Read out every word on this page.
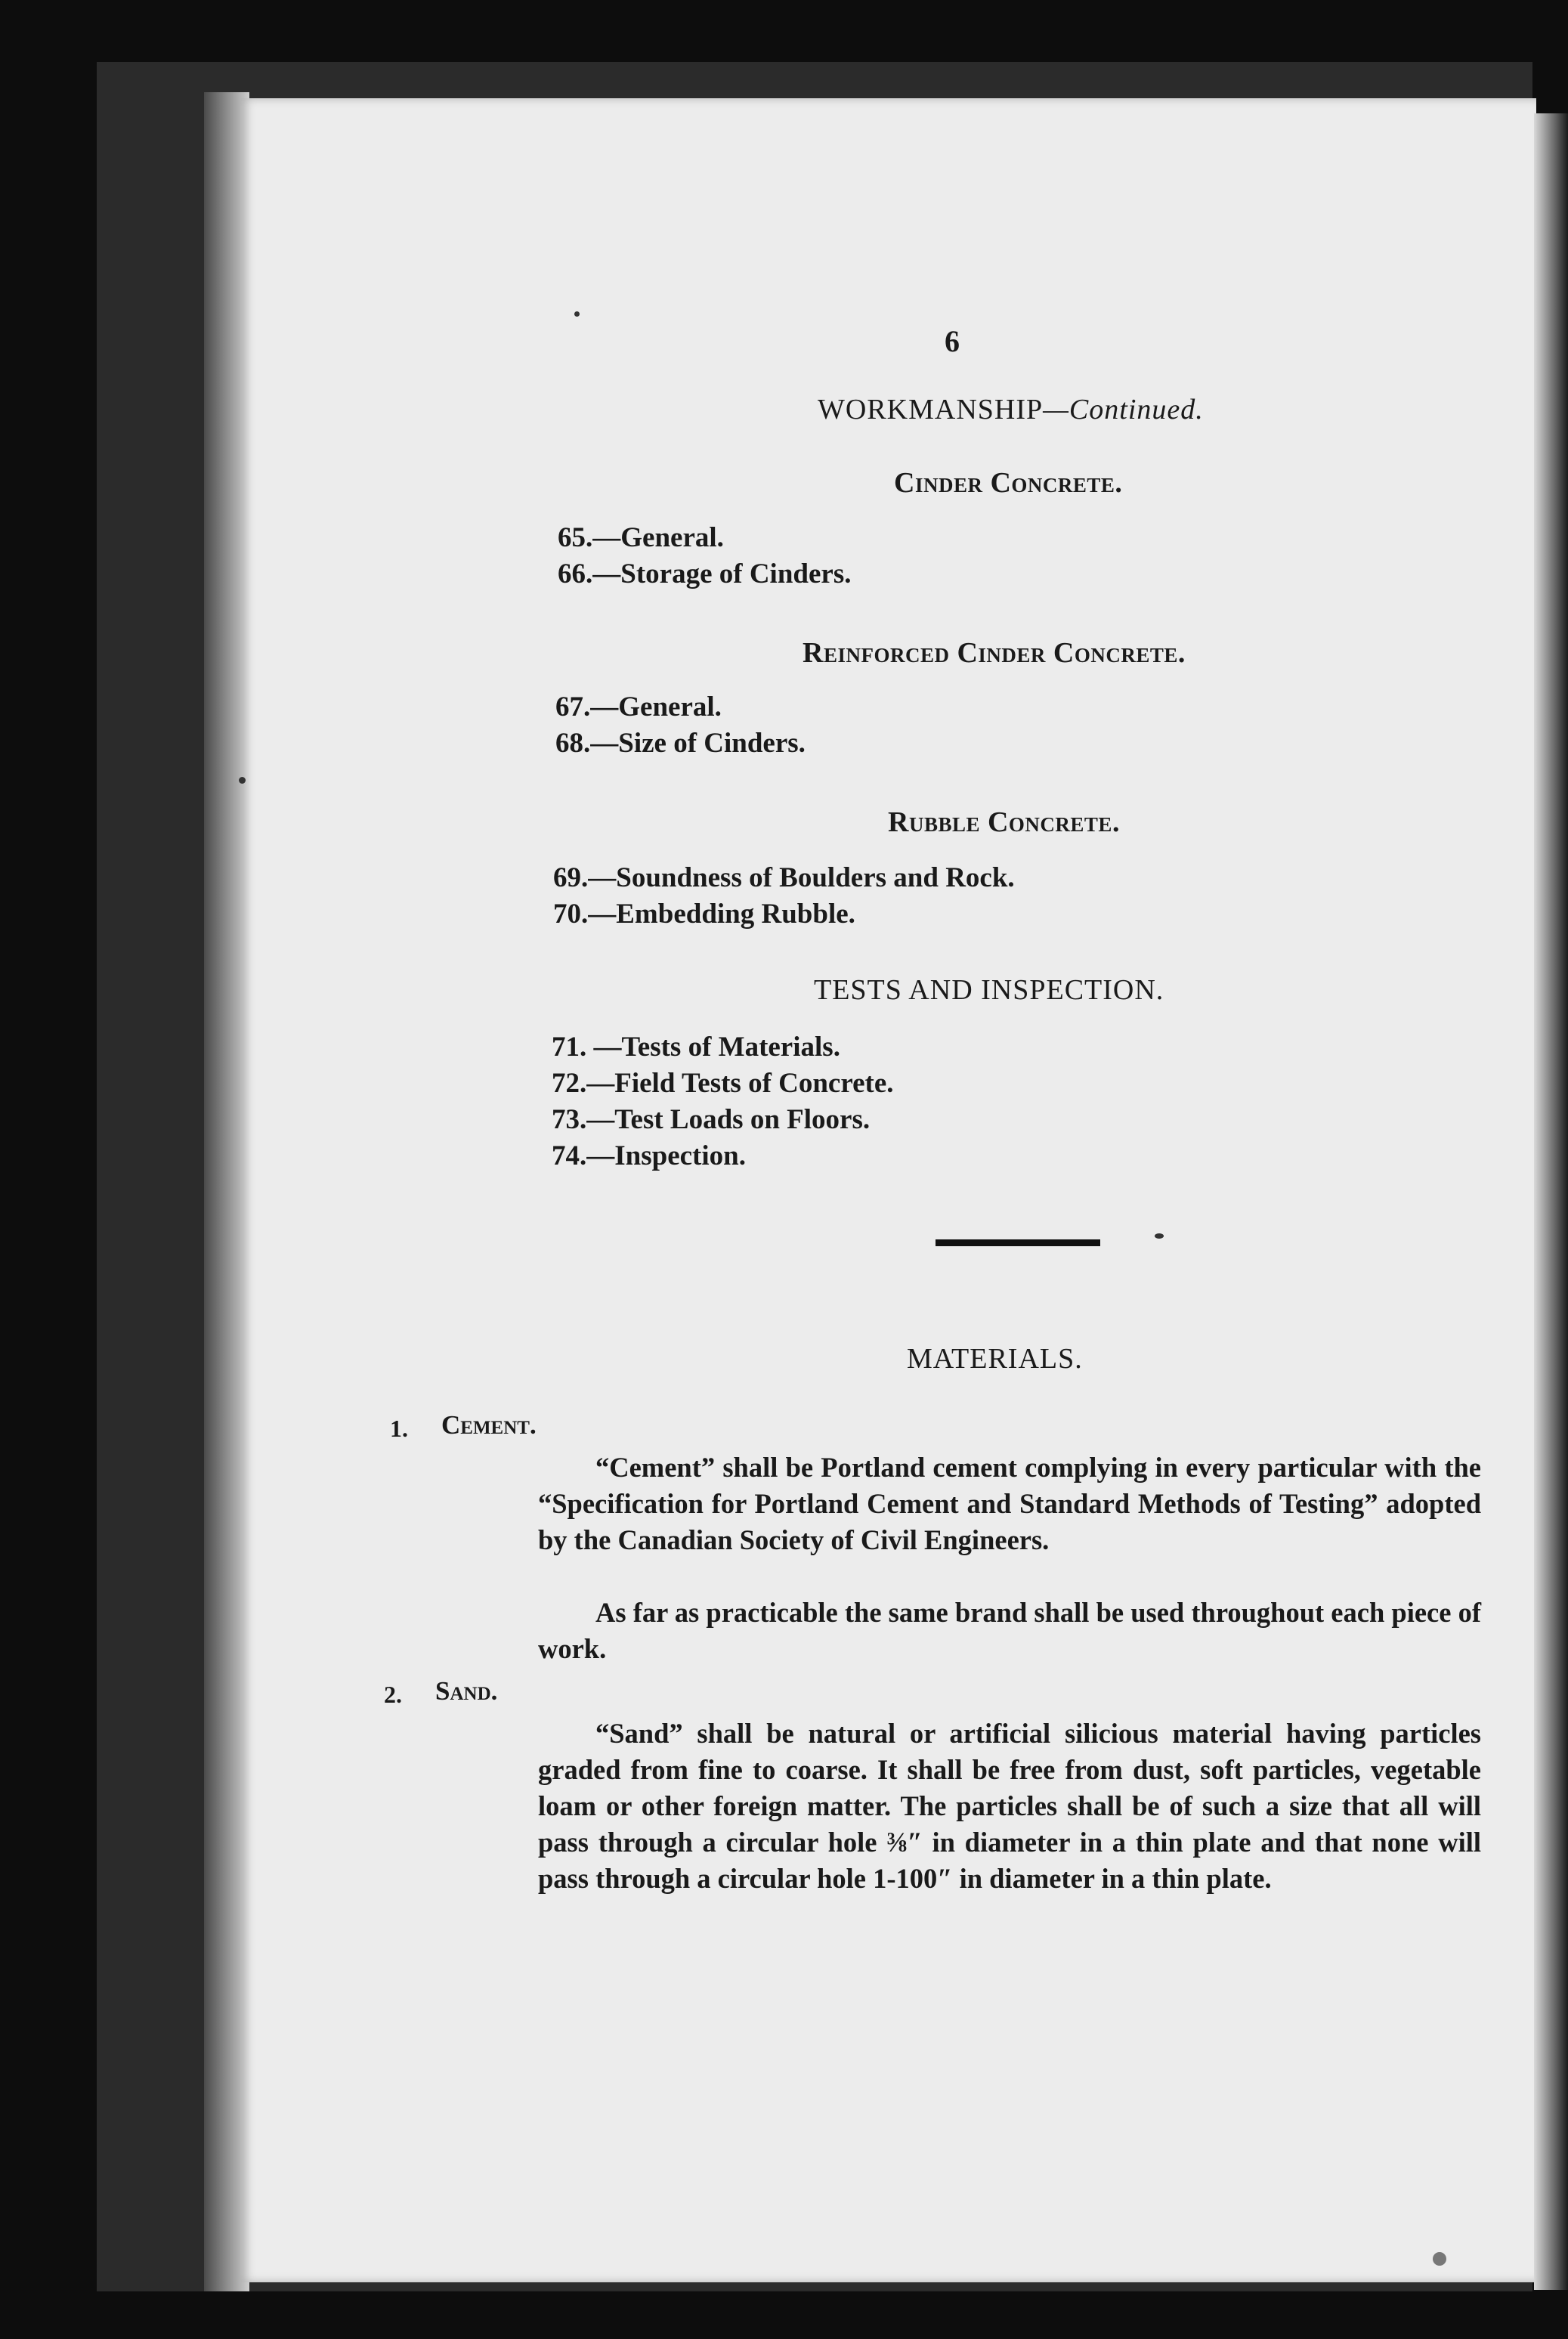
6
WORKMANSHIP—Continued.
Cinder Concrete.
65.—General.
66.—Storage of Cinders.
Reinforced Cinder Concrete.
67.—General.
68.—Size of Cinders.
Rubble Concrete.
69.—Soundness of Boulders and Rock.
70.—Embedding Rubble.
TESTS AND INSPECTION.
71. —Tests of Materials.
72.—Field Tests of Concrete.
73.—Test Loads on Floors.
74.—Inspection.
MATERIALS.
1. Cement.

“Cement” shall be Portland cement complying in every particular with the “Specification for Portland Cement and Standard Methods of Testing” adopted by the Canadian Society of Civil Engineers.

As far as practicable the same brand shall be used throughout each piece of work.

2. Sand.

“Sand” shall be natural or artificial silicious material having particles graded from fine to coarse. It shall be free from dust, soft particles, vegetable loam or other foreign matter. The particles shall be of such a size that all will pass through a circular hole ⅜″ in diameter in a thin plate and that none will pass through a circular hole 1-100″ in diameter in a thin plate.
